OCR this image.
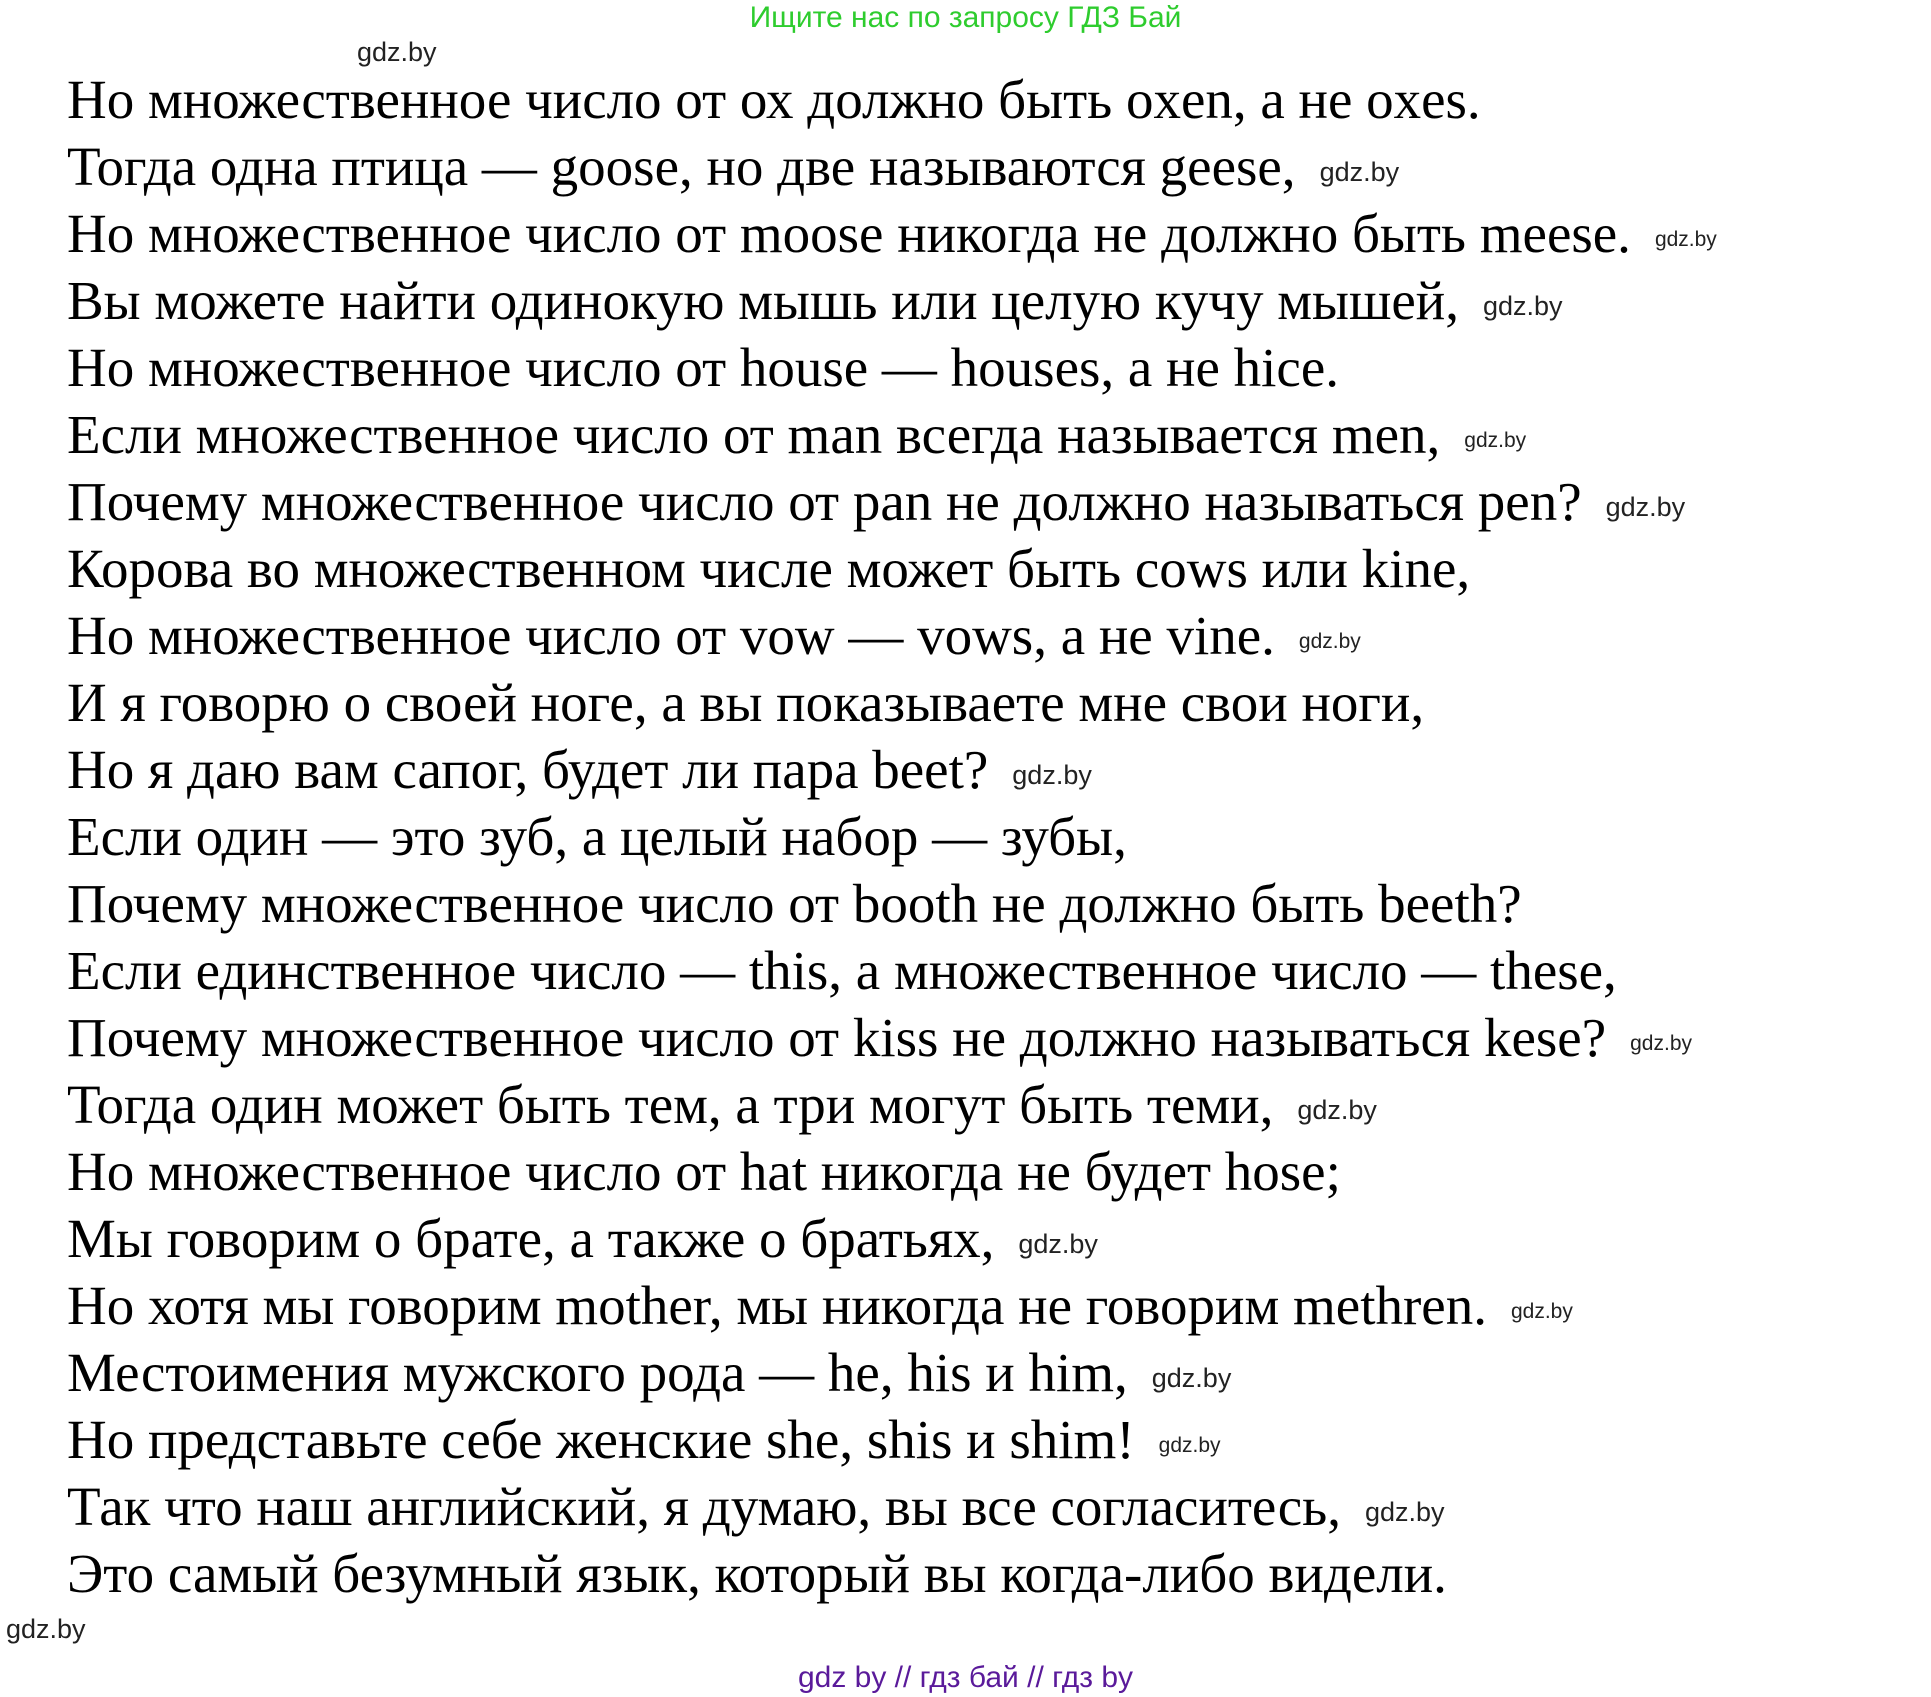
Ищите нас по запросу ГДЗ Бай
gdz.by
Но множественное число от ох должно быть oxen, а не oxes.
Тогда одна птица — goose, но две называются geese, gdz.by
Но множественное число от moose никогда не должно быть meese. gdz.by
Вы можете найти одинокую мышь или целую кучу мышей, gdz.by
Но множественное число от house — houses, а не hice.
Если множественное число от man всегда называется men, gdz.by
Почему множественное число от pan не должно называться pen? gdz.by
Корова во множественном числе может быть cows или kine,
Но множественное число от vow — vows, а не vine. gdz.by
И я говорю о своей ноге, а вы показываете мне свои ноги,
Но я даю вам сапог, будет ли пара beet? gdz.by
Если один — это зуб, а целый набор — зубы,
Почему множественное число от booth не должно быть beeth?
Если единственное число — this, а множественное число — these,
Почему множественное число от kiss не должно называться kese? gdz.by
Тогда один может быть тем, а три могут быть теми, gdz.by
Но множественное число от hat никогда не будет hose;
Мы говорим о брате, а также о братьях, gdz.by
Но хотя мы говорим mother, мы никогда не говорим methren. gdz.by
Местоимения мужского рода — he, his и him, gdz.by
Но представьте себе женские she, shis и shim! gdz.by
Так что наш английский, я думаю, вы все согласитесь, gdz.by
Это самый безумный язык, который вы когда-либо видели.
gdz.by
gdz by // гдз бай // гдз by
